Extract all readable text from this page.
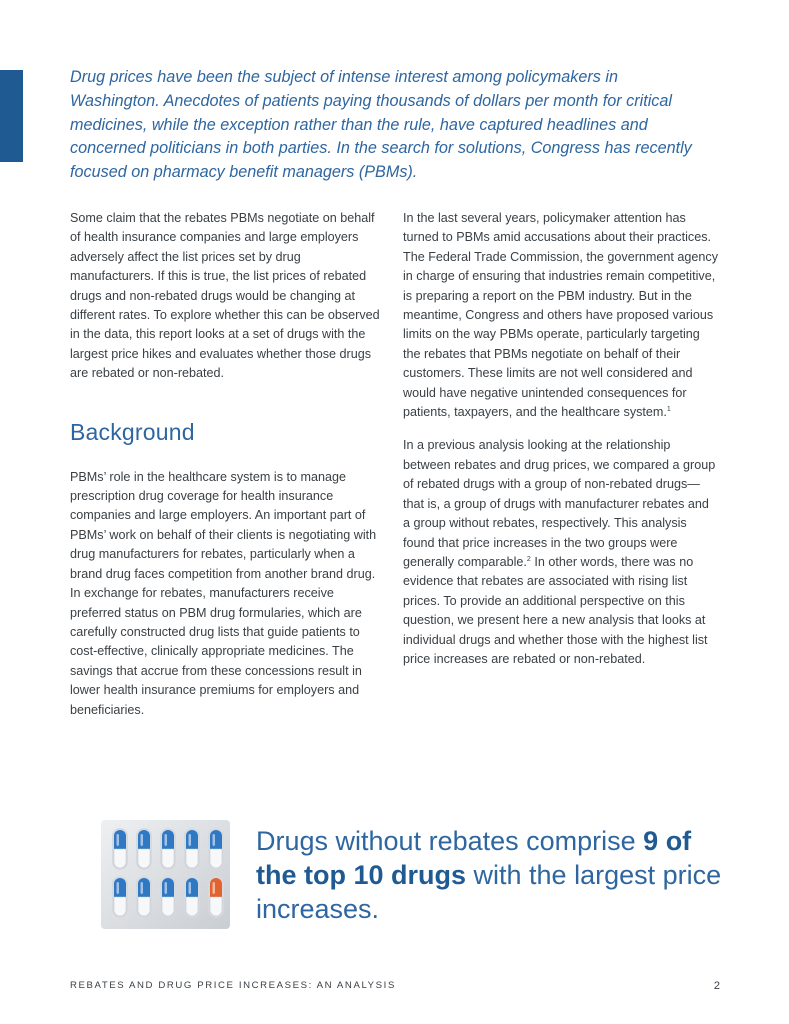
Drug prices have been the subject of intense interest among policymakers in Washington. Anecdotes of patients paying thousands of dollars per month for critical medicines, while the exception rather than the rule, have captured headlines and concerned politicians in both parties. In the search for solutions, Congress has recently focused on pharmacy benefit managers (PBMs).

Some claim that the rebates PBMs negotiate on behalf of health insurance companies and large employers adversely affect the list prices set by drug manufacturers. If this is true, the list prices of rebated drugs and non-rebated drugs would be changing at different rates. To explore whether this can be observed in the data, this report looks at a set of drugs with the largest price hikes and evaluates whether those drugs are rebated or non-rebated.

Background

PBMs’ role in the healthcare system is to manage prescription drug coverage for health insurance companies and large employers. An important part of PBMs’ work on behalf of their clients is negotiating with drug manufacturers for rebates, particularly when a brand drug faces competition from another brand drug. In exchange for rebates, manufacturers receive preferred status on PBM drug formularies, which are carefully constructed drug lists that guide patients to cost-effective, clinically appropriate medicines. The savings that accrue from these concessions result in lower health insurance premiums for employers and beneficiaries.

In the last several years, policymaker attention has turned to PBMs amid accusations about their practices. The Federal Trade Commission, the government agency in charge of ensuring that industries remain competitive, is preparing a report on the PBM industry. But in the meantime, Congress and others have proposed various limits on the way PBMs operate, particularly targeting the rebates that PBMs negotiate on behalf of their customers. These limits are not well considered and would have negative unintended consequences for patients, taxpayers, and the healthcare system.$^1$

In a previous analysis looking at the relationship between rebates and drug prices, we compared a group of rebated drugs with a group of non-rebated drugs—that is, a group of drugs with manufacturer rebates and a group without rebates, respectively. This analysis found that price increases in the two groups were generally comparable.$^2$ In other words, there was no evidence that rebates are associated with rising list prices. To provide an additional perspective on this question, we present here a new analysis that looks at individual drugs and whether those with the highest list price increases are rebated or non-rebated.

Drugs without rebates comprise 9 of the top 10 drugs with the largest price increases.
REBATES AND DRUG PRICE INCREASES: AN ANALYSIS	2
